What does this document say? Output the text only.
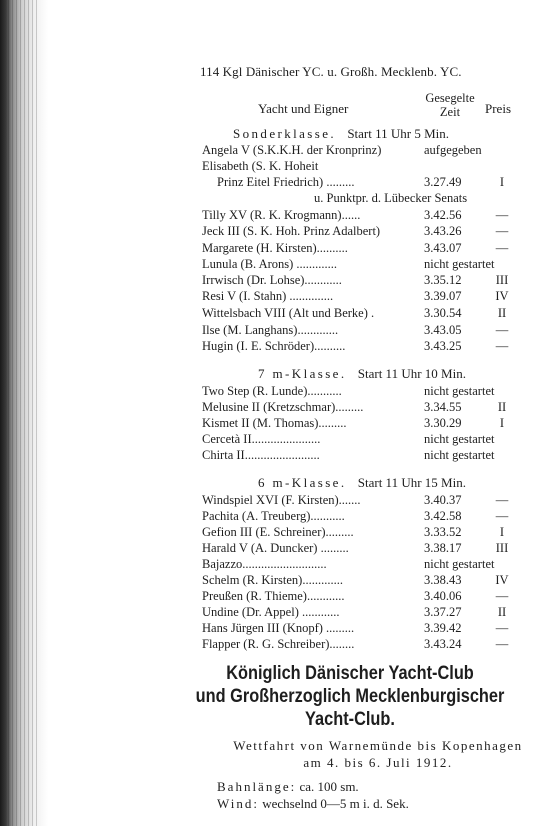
114 Kgl Dänischer YC. u. Großh. Mecklenb. YC.
Yacht und Eigner
Gesegelte
Zeit	Preis
Sonderklasse. Start 11 Uhr 5 Min.
Angela V (S.K.K.H. der Kronprinz)	aufgegeben
Elisabeth (S. K. Hoheit
Prinz Eitel Friedrich) .........	3.27.49	I
u. Punktpr. d. Lübecker Senats
Tilly XV (R. K. Krogmann)......	3.42.56	—
Jeck III (S. K. Hoh. Prinz Adalbert)	3.43.26	—
Margarete (H. Kirsten)..........	3.43.07	—
Lunula (B. Arons) .............	nicht gestartet
Irrwisch (Dr. Lohse)............	3.35.12	III
Resi V (I. Stahn) ..............	3.39.07	IV
Wittelsbach VIII (Alt und Berke) .	3.30.54	II
Ilse (M. Langhans).............	3.43.05	—
Hugin (I. E. Schröder)..........	3.43.25	—
7 m-Klasse. Start 11 Uhr 10 Min.
Two Step (R. Lunde)...........	nicht gestartet
Melusine II (Kretzschmar).........	3.34.55	II
Kismet II (M. Thomas).........	3.30.29	I
Cercetà II......................	nicht gestartet
Chirta II........................	nicht gestartet
6 m-Klasse. Start 11 Uhr 15 Min.
Windspiel XVI (F. Kirsten).......	3.40.37	—
Pachita (A. Treuberg)...........	3.42.58	—
Gefion III (E. Schreiner).........	3.33.52	I
Harald V (A. Duncker) .........	3.38.17	III
Bajazzo...........................	nicht gestartet
Schelm (R. Kirsten).............	3.38.43	IV
Preußen (R. Thieme)............	3.40.06	—
Undine (Dr. Appel) ............	3.37.27	II
Hans Jürgen III (Knopf) .........	3.39.42	—
Flapper (R. G. Schreiber)........	3.43.24	—
Königlich Dänischer Yacht-Club
und Großherzoglich Mecklenburgischer
Yacht-Club.
Wettfahrt von Warnemünde bis Kopenhagen
am 4. bis 6. Juli 1912.
Bahnlänge: ca. 100 sm.
Wind: wechselnd 0—5 m i. d. Sek.
